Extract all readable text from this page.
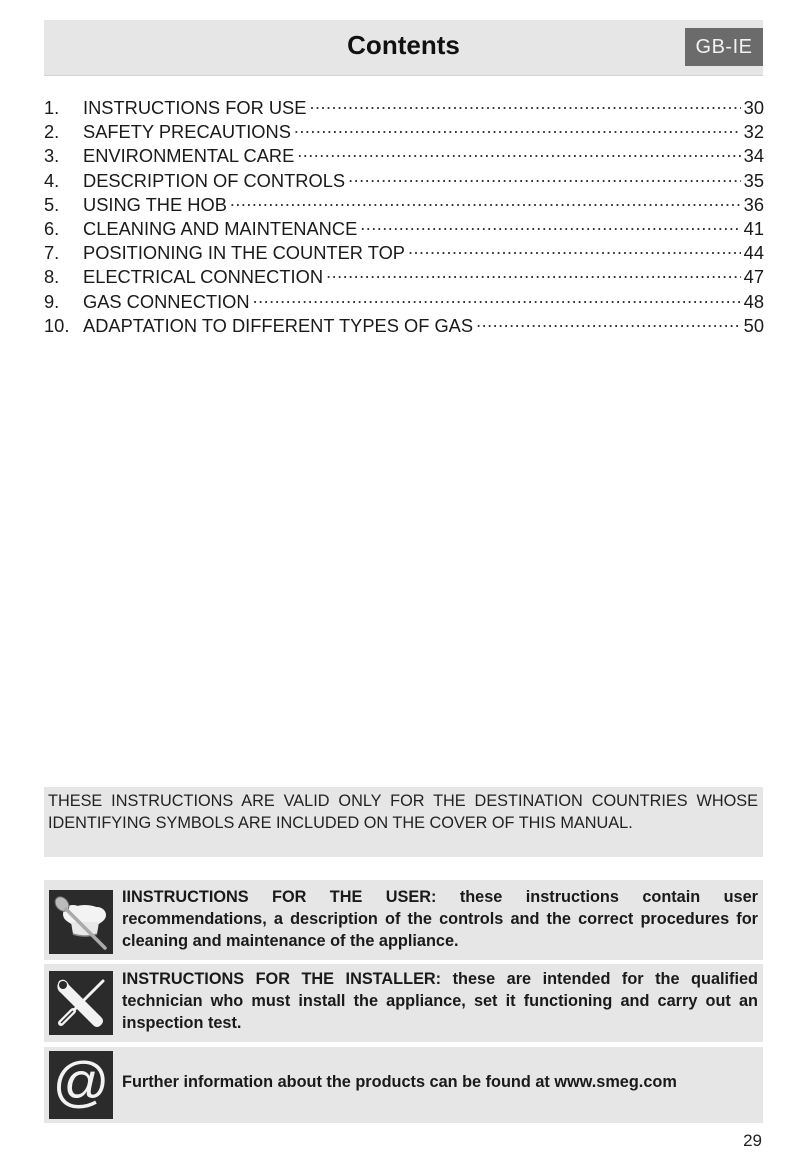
Contents	GB-IE
1.	INSTRUCTIONS FOR USE .....	30
2.	SAFETY PRECAUTIONS .....	32
3.	ENVIRONMENTAL CARE .....	34
4.	DESCRIPTION OF CONTROLS .....	35
5.	USING THE HOB .....	36
6.	CLEANING AND MAINTENANCE .....	41
7.	POSITIONING IN THE COUNTER TOP .....	44
8.	ELECTRICAL CONNECTION .....	47
9.	GAS CONNECTION .....	48
10. ADAPTATION TO DIFFERENT TYPES OF GAS .....	50
THESE INSTRUCTIONS ARE VALID ONLY FOR THE DESTINATION COUNTRIES WHOSE IDENTIFYING SYMBOLS ARE INCLUDED ON THE COVER OF THIS MANUAL.
IINSTRUCTIONS FOR THE USER: these instructions contain user recommendations, a description of the controls and the correct procedures for cleaning and maintenance of the appliance.
INSTRUCTIONS FOR THE INSTALLER: these are intended for the qualified technician who must install the appliance, set it functioning and carry out an inspection test.
@ Further information about the products can be found at www.smeg.com
29
